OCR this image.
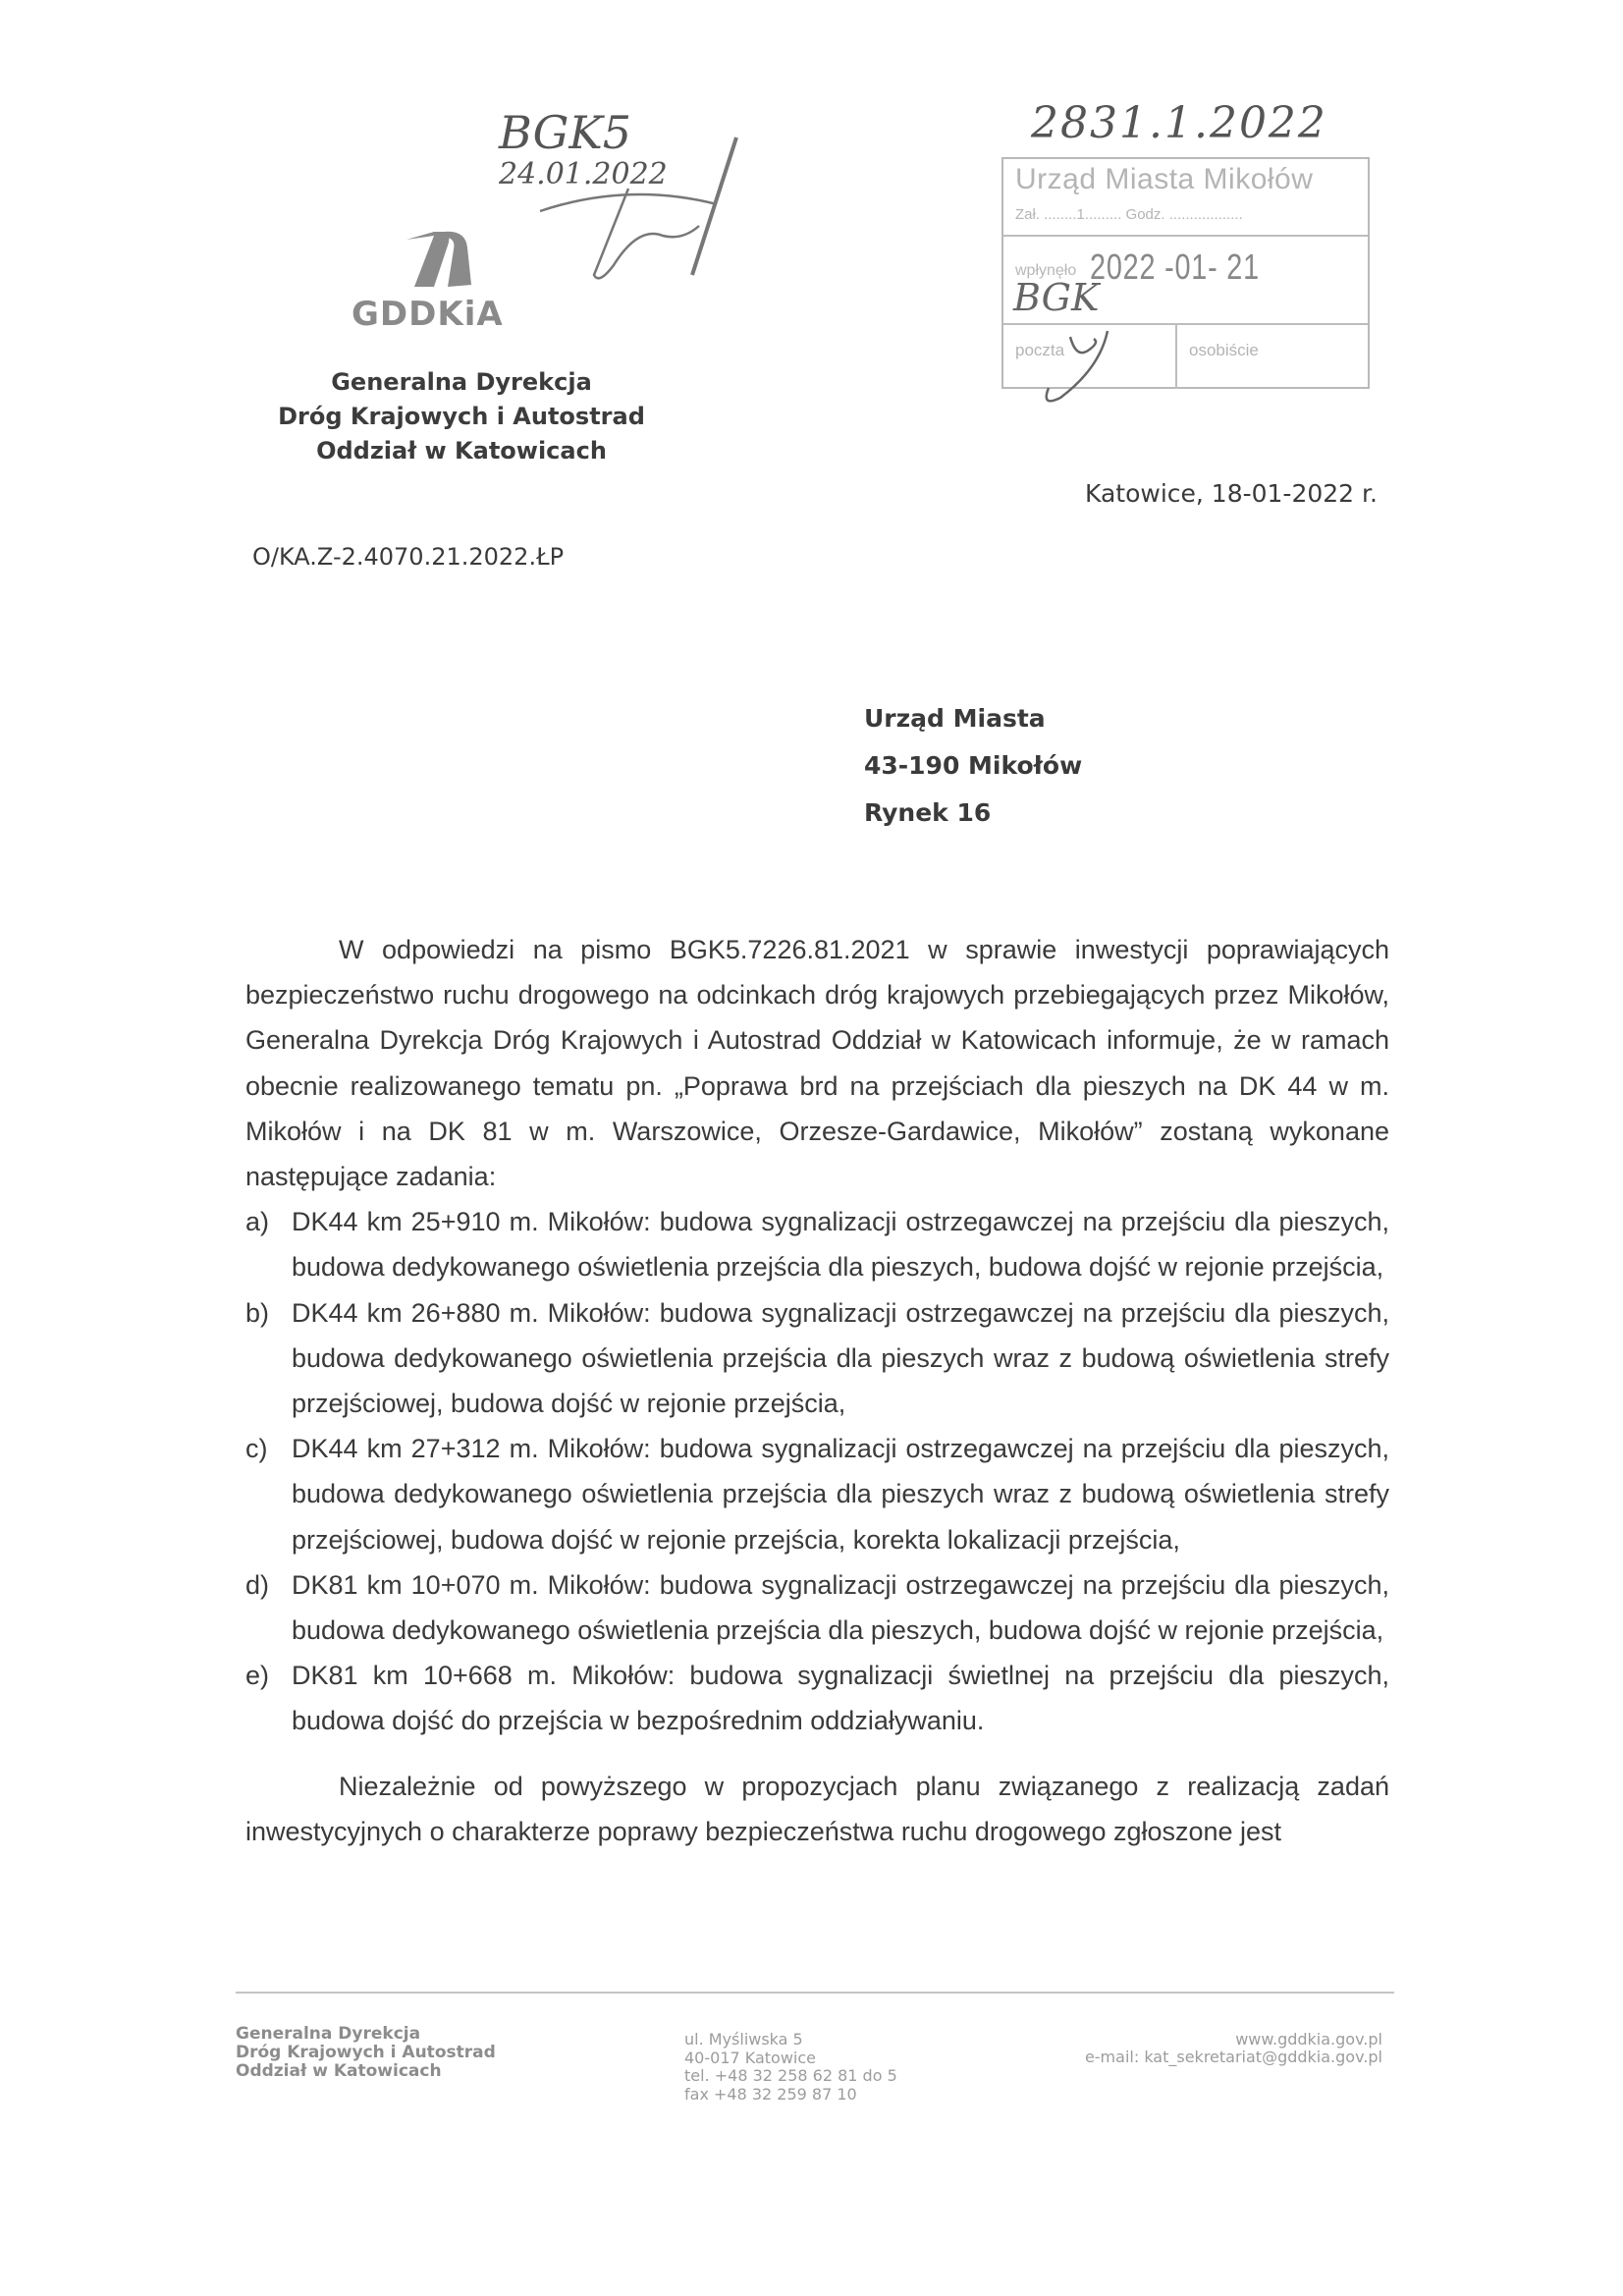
BGK5
24.01.2022
2831.1.2022
GDDKiA
Generalna Dyrekcja
Dróg Krajowych i Autostrad
Oddział w Katowicach
Urząd Miasta Mikołów
Zał. ........1......... Godz. ..................
wpłynęło 2022 -01- 21
BGK
poczta	osobiście
Katowice, 18-01-2022 r.
O/KA.Z-2.4070.21.2022.ŁP
Urząd Miasta
43-190 Mikołów
Rynek 16

W odpowiedzi na pismo BGK5.7226.81.2021 w sprawie inwestycji poprawiających bezpieczeństwo ruchu drogowego na odcinkach dróg krajowych przebiegających przez Mikołów, Generalna Dyrekcja Dróg Krajowych i Autostrad Oddział w Katowicach informuje, że w ramach obecnie realizowanego tematu pn. „Poprawa brd na przejściach dla pieszych na DK 44 w m. Mikołów i na DK 81 w m. Warszowice, Orzesze-Gardawice, Mikołów” zostaną wykonane następujące zadania:

a) DK44 km 25+910 m. Mikołów: budowa sygnalizacji ostrzegawczej na przejściu dla pieszych, budowa dedykowanego oświetlenia przejścia dla pieszych, budowa dojść w rejonie przejścia,
b) DK44 km 26+880 m. Mikołów: budowa sygnalizacji ostrzegawczej na przejściu dla pieszych, budowa dedykowanego oświetlenia przejścia dla pieszych wraz z budową oświetlenia strefy przejściowej, budowa dojść w rejonie przejścia,
c) DK44 km 27+312 m. Mikołów: budowa sygnalizacji ostrzegawczej na przejściu dla pieszych, budowa dedykowanego oświetlenia przejścia dla pieszych wraz z budową oświetlenia strefy przejściowej, budowa dojść w rejonie przejścia, korekta lokalizacji przejścia,
d) DK81 km 10+070 m. Mikołów: budowa sygnalizacji ostrzegawczej na przejściu dla pieszych, budowa dedykowanego oświetlenia przejścia dla pieszych, budowa dojść w rejonie przejścia,
e) DK81 km 10+668 m. Mikołów: budowa sygnalizacji świetlnej na przejściu dla pieszych, budowa dojść do przejścia w bezpośrednim oddziaływaniu.

Niezależnie od powyższego w propozycjach planu związanego z realizacją zadań inwestycyjnych o charakterze poprawy bezpieczeństwa ruchu drogowego zgłoszone jest

Generalna Dyrekcja
Dróg Krajowych i Autostrad
Oddział w Katowicach
ul. Myśliwska 5
40-017 Katowice
tel. +48 32 258 62 81 do 5
fax +48 32 259 87 10
www.gddkia.gov.pl
e-mail: kat_sekretariat@gddkia.gov.pl
